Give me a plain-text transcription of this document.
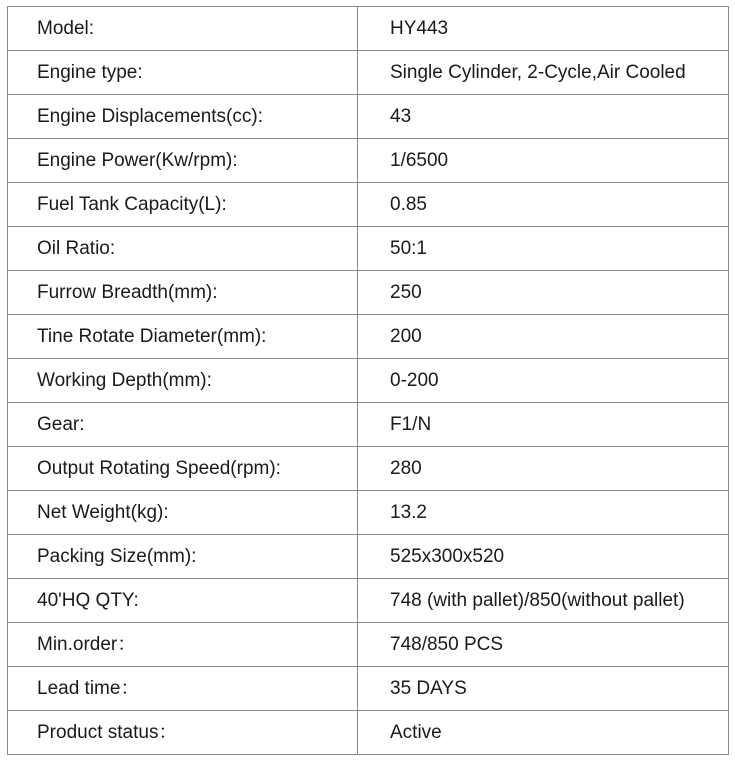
Model:	HY443
Engine type:	Single Cylinder, 2-Cycle,Air Cooled
Engine Displacements(cc):	43
Engine Power(Kw/rpm):	1/6500
Fuel Tank Capacity(L):	0.85
Oil Ratio:	50:1
Furrow Breadth(mm):	250
Tine Rotate Diameter(mm):	200
Working Depth(mm):	0-200
Gear:	F1/N
Output Rotating Speed(rpm):	280
Net Weight(kg):	13.2
Packing Size(mm):	525x300x520
40'HQ QTY:	748 (with pallet)/850(without pallet)
Min.order：	748/850 PCS
Lead time：	35 DAYS
Product status：	Active
